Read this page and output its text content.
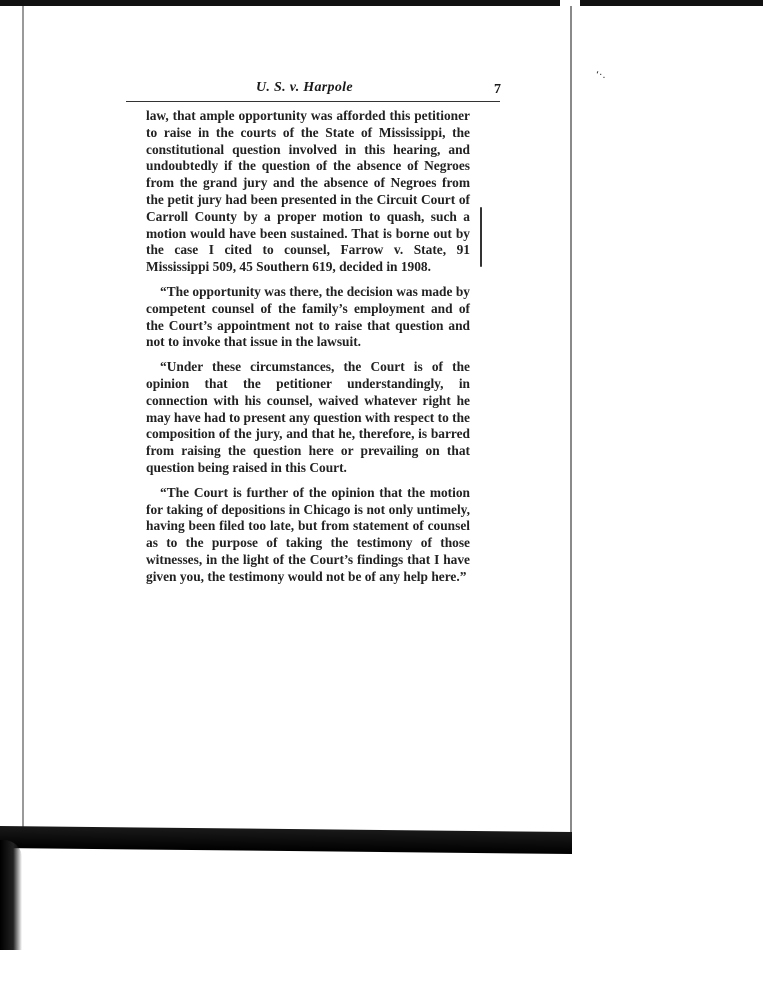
‘‧.
U. S. v. Harpole	7

law, that ample opportunity was afforded this petitioner to raise in the courts of the State of Mississippi, the constitutional question involved in this hearing, and undoubtedly if the question of the absence of Negroes from the grand jury and the absence of Negroes from the petit jury had been presented in the Circuit Court of Carroll County by a proper motion to quash, such a motion would have been sustained. That is borne out by the case I cited to counsel, Farrow v. State, 91 Mississippi 509, 45 Southern 619, decided in 1908.

“The opportunity was there, the decision was made by competent counsel of the family’s employment and of the Court’s appointment not to raise that question and not to invoke that issue in the lawsuit.

“Under these circumstances, the Court is of the opinion that the petitioner understandingly, in connection with his counsel, waived whatever right he may have had to present any question with respect to the composition of the jury, and that he, therefore, is barred from raising the question here or prevailing on that question being raised in this Court.

“The Court is further of the opinion that the motion for taking of depositions in Chicago is not only untimely, having been filed too late, but from statement of counsel as to the purpose of taking the testimony of those witnesses, in the light of the Court’s findings that I have given you, the testimony would not be of any help here.”
